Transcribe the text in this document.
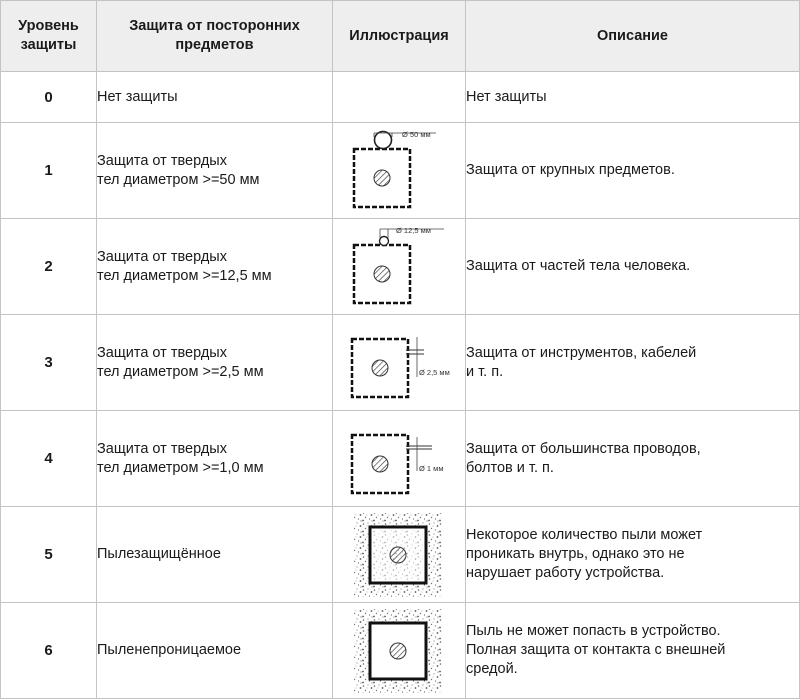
Уровень
защиты	Защита от посторонних
предметов	Иллюстрация	Описание
0	Нет защиты		Нет защиты
1	Защита от твердых
тел диаметром >=50 мм	Ø 50 мм	Защита от крупных предметов.
2	Защита от твердых
тел диаметром >=12,5 мм	Ø 12,5 мм	Защита от частей тела человека.
3	Защита от твердых
тел диаметром >=2,5 мм	Ø 2,5 мм	Защита от инструментов, кабелей
и т. п.
4	Защита от твердых
тел диаметром >=1,0 мм	Ø 1 мм	Защита от большинства проводов,
болтов и т. п.
5	Пылезащищённое		Некоторое количество пыли может
проникать внутрь, однако это не
нарушает работу устройства.
6	Пыленепроницаемое		Пыль не может попасть в устройство.
Полная защита от контакта с внешней
средой.
